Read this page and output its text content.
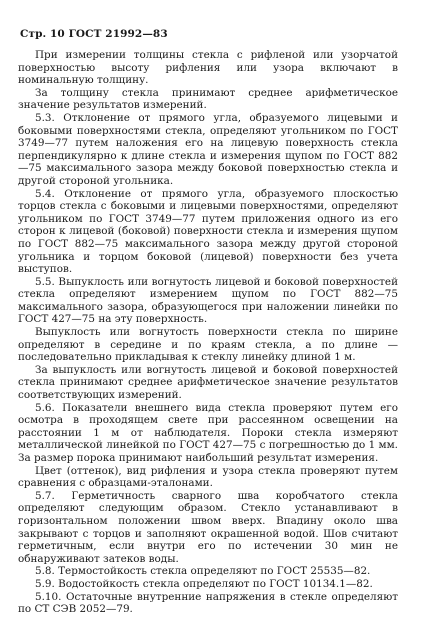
Стр. 10 ГОСТ 21992—83

При измерении толщины стекла с рифленой или узорчатой поверхностью высоту рифления или узора включают в номинальную толщину.

За толщину стекла принимают среднее арифметическое значение результатов измерений.

5.3. Отклонение от прямого угла, образуемого лицевыми и боковыми поверхностями стекла, определяют угольником по ГОСТ 3749—77 путем наложения его на лицевую поверхность стекла перпендикулярно к длине стекла и измерения щупом по ГОСТ 882—75 максимального зазора между боковой поверхностью стекла и другой стороной угольника.

5.4. Отклонение от прямого угла, образуемого плоскостью торцов стекла с боковыми и лицевыми поверхностями, определяют угольником по ГОСТ 3749—77 путем приложения одного из его сторон к лицевой (боковой) поверхности стекла и измерения щупом по ГОСТ 882—75 максимального зазора между другой стороной угольника и торцом боковой (лицевой) поверхности без учета выступов.

5.5. Выпуклость или вогнутость лицевой и боковой поверхностей стекла определяют измерением щупом по ГОСТ 882—75 максимального зазора, образующегося при наложении линейки по ГОСТ 427—75 на эту поверхность.

Выпуклость или вогнутость поверхности стекла по ширине определяют в середине и по краям стекла, а по длине — последовательно прикладывая к стеклу линейку длиной 1 м.

За выпуклость или вогнутость лицевой и боковой поверхностей стекла принимают среднее арифметическое значение результатов соответствующих измерений.

5.6. Показатели внешнего вида стекла проверяют путем его осмотра в проходящем свете при рассеянном освещении на расстоянии 1 м от наблюдателя. Пороки стекла измеряют металлической линейкой по ГОСТ 427—75 с погрешностью до 1 мм. За размер порока принимают наибольший результат измерения.

Цвет (оттенок), вид рифления и узора стекла проверяют путем сравнения с образцами-эталонами.

5.7. Герметичность сварного шва коробчатого стекла определяют следующим образом. Стекло устанавливают в горизонтальном положении швом вверх. Впадину около шва закрывают с торцов и заполняют окрашенной водой. Шов считают герметичным, если внутри его по истечении 30 мин не обнаруживают затеков воды.

5.8. Термостойкость стекла определяют по ГОСТ 25535—82.

5.9. Водостойкость стекла определяют по ГОСТ 10134.1—82.

5.10. Остаточные внутренние напряжения в стекле определяют по СТ СЭВ 2052—79.
